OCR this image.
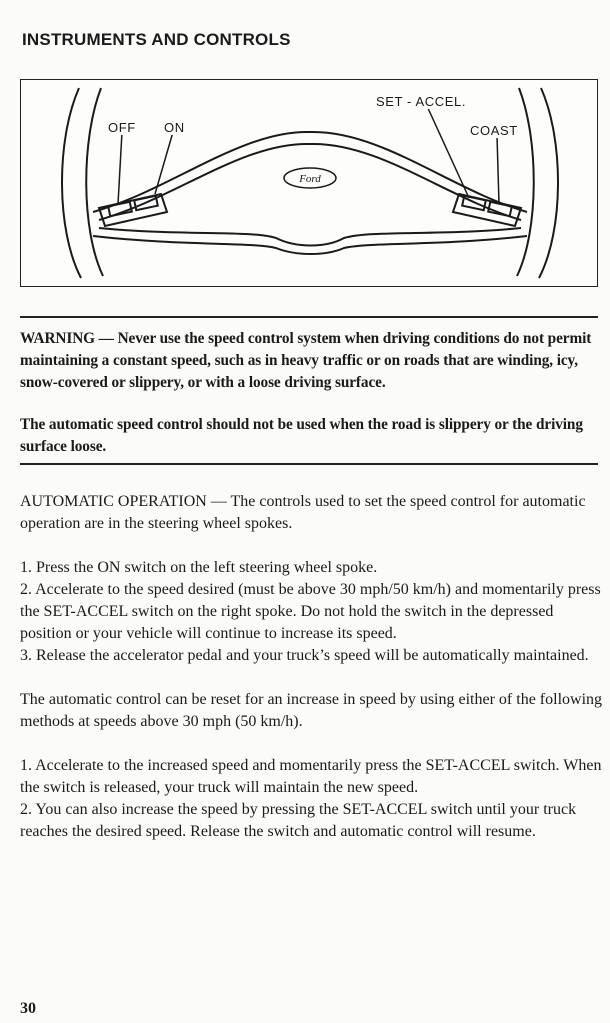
INSTRUMENTS AND CONTROLS
Ford
OFF ON
SET - ACCEL.
COAST

WARNING — Never use the speed control system when driving conditions do not permit maintaining a constant speed, such as in heavy traffic or on roads that are winding, icy, snow-covered or slippery, or with a loose driving surface.

The automatic speed control should not be used when the road is slippery or the driving surface loose.

AUTOMATIC OPERATION — The controls used to set the speed control for automatic operation are in the steering wheel spokes.

1. Press the ON switch on the left steering wheel spoke.

2. Accelerate to the speed desired (must be above 30 mph/50 km/h) and momentarily press the SET-ACCEL switch on the right spoke. Do not hold the switch in the depressed position or your vehicle will continue to increase its speed.

3. Release the accelerator pedal and your truck’s speed will be automatically maintained.

The automatic control can be reset for an increase in speed by using either of the following methods at speeds above 30 mph (50 km/h).

1. Accelerate to the increased speed and momentarily press the SET-ACCEL switch. When the switch is released, your truck will maintain the new speed.

2. You can also increase the speed by pressing the SET-ACCEL switch until your truck reaches the desired speed. Release the switch and automatic control will resume.

30
